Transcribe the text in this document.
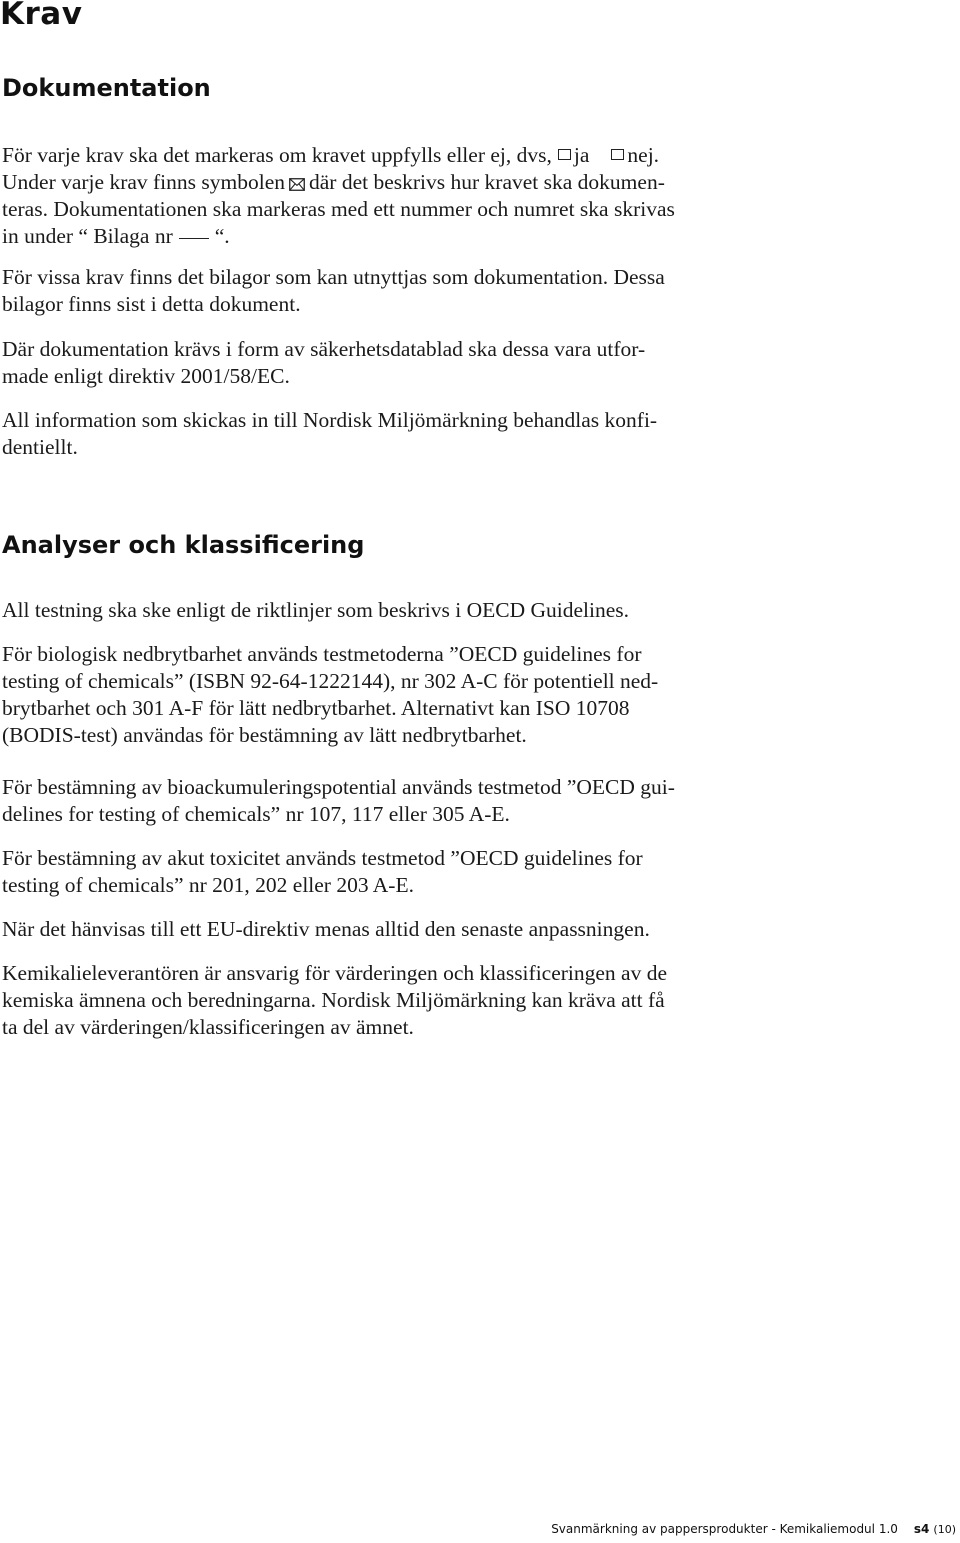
Krav
Dokumentation
För varje krav ska det markeras om kravet uppfylls eller ej, dvs, ja nej.
Under varje krav finns symbolen där det beskrivs hur kravet ska dokumen-
teras. Dokumentationen ska markeras med ett nummer och numret ska skrivas
in under “ Bilaga nr “.
För vissa krav finns det bilagor som kan utnyttjas som dokumentation. Dessa
bilagor finns sist i detta dokument.
Där dokumentation krävs i form av säkerhetsdatablad ska dessa vara utfor-
made enligt direktiv 2001/58/EC.
All information som skickas in till Nordisk Miljömärkning behandlas konfi-
dentiellt.
Analyser och klassificering
All testning ska ske enligt de riktlinjer som beskrivs i OECD Guidelines.
För biologisk nedbrytbarhet används testmetoderna ”OECD guidelines for
testing of chemicals” (ISBN 92-64-1222144), nr 302 A-C för potentiell ned-
brytbarhet och 301 A-F för lätt nedbrytbarhet. Alternativt kan ISO 10708
(BODIS-test) användas för bestämning av lätt nedbrytbarhet.
För bestämning av bioackumuleringspotential används testmetod ”OECD gui-
delines for testing of chemicals” nr 107, 117 eller 305 A-E.
För bestämning av akut toxicitet används testmetod ”OECD guidelines for
testing of chemicals” nr 201, 202 eller 203 A-E.
När det hänvisas till ett EU-direktiv menas alltid den senaste anpassningen.
Kemikalieleverantören är ansvarig för värderingen och klassificeringen av de
kemiska ämnena och beredningarna. Nordisk Miljömärkning kan kräva att få
ta del av värderingen/klassificeringen av ämnet.
Svanmärkning av pappersprodukter - Kemikaliemodul 1.0 s4 (10)
